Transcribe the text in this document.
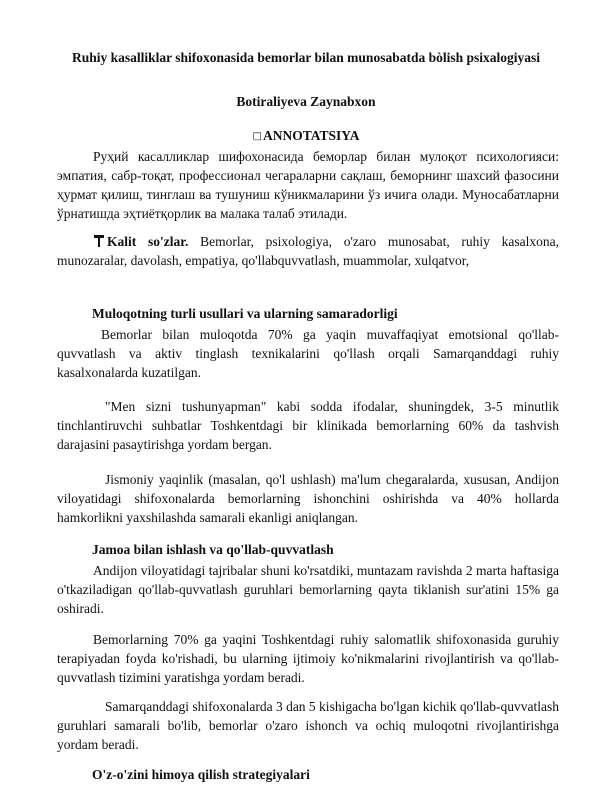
Ruhiy kasalliklar shifoxonasida bemorlar bilan munosabatda bòlish psixalogiyasi
Botiraliyeva Zaynabxon
□ANNOTATSIYA

Руҳий касалликлар шифохонасида беморлар билан мулоқот психологияси: эмпатия, сабр-тоқат, профессионал чегараларни сақлаш, беморнинг шахсий фазосини ҳурмат қилиш, тинглаш ва тушуниш кўникмаларини ўз ичига олади. Муносабатларни ўрнатишда эҳтиётқорлик ва малака талаб этилади.

Kalit so'zlar. Bemorlar, psixologiya, o'zaro munosabat, ruhiy kasalxona, munozaralar, davolash, empatiya, qo'llabquvvatlash, muammolar, xulqatvor,

Muloqotning turli usullari va ularning samaradorligi

Bemorlar bilan muloqotda 70% ga yaqin muvaffaqiyat emotsional qo'llab-quvvatlash va aktiv tinglash texnikalarini qo'llash orqali Samarqanddagi ruhiy kasalxonalarda kuzatilgan.

"Men sizni tushunyapman" kabi sodda ifodalar, shuningdek, 3-5 minutlik tinchlantiruvchi suhbatlar Toshkentdagi bir klinikada bemorlarning 60% da tashvish darajasini pasaytirishga yordam bergan.

Jismoniy yaqinlik (masalan, qo'l ushlash) ma'lum chegaralarda, xususan, Andijon viloyatidagi shifoxonalarda bemorlarning ishonchini oshirishda va 40% hollarda hamkorlikni yaxshilashda samarali ekanligi aniqlangan.

Jamoa bilan ishlash va qo'llab-quvvatlash

Andijon viloyatidagi tajribalar shuni ko'rsatdiki, muntazam ravishda 2 marta haftasiga o'tkaziladigan qo'llab-quvvatlash guruhlari bemorlarning qayta tiklanish sur'atini 15% ga oshiradi.

Bemorlarning 70% ga yaqini Toshkentdagi ruhiy salomatlik shifoxonasida guruhiy terapiyadan foyda ko'rishadi, bu ularning ijtimoiy ko'nikmalarini rivojlantirish va qo'llab-quvvatlash tizimini yaratishga yordam beradi.

Samarqanddagi shifoxonalarda 3 dan 5 kishigacha bo'lgan kichik qo'llab-quvvatlash guruhlari samarali bo'lib, bemorlar o'zaro ishonch va ochiq muloqotni rivojlantirishga yordam beradi.

O'z-o'zini himoya qilish strategiyalari
